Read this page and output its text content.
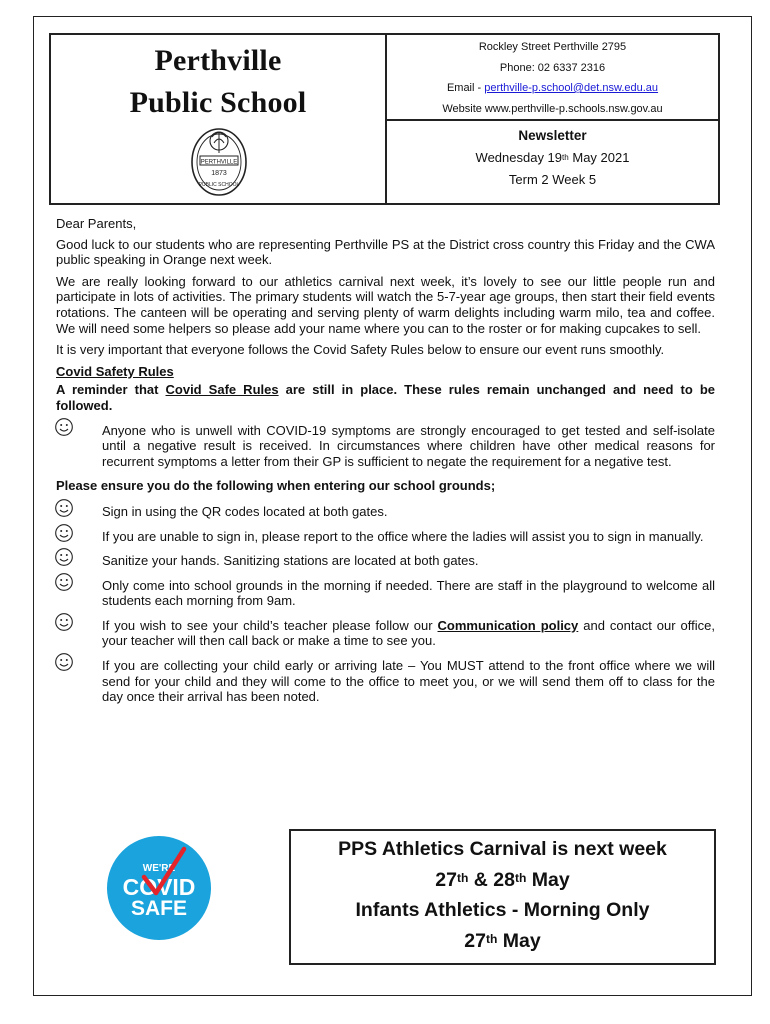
Perthville
Public School
PERTHVILLE
1873
PUBLIC SCHOOL
Rockley Street Perthville 2795
Phone: 02 6337 2316
Email - perthville-p.school@det.nsw.edu.au
Website www.perthville-p.schools.nsw.gov.au
Newsletter
Wednesday 19th May 2021
Term 2 Week 5

Dear Parents,

Good luck to our students who are representing Perthville PS at the District cross country this Friday and the CWA public speaking in Orange next week.

We are really looking forward to our athletics carnival next week, it’s lovely to see our little people run and participate in lots of activities. The primary students will watch the 5-7-year age groups, then start their field events rotations. The canteen will be operating and serving plenty of warm delights including warm milo, tea and coffee. We will need some helpers so please add your name where you can to the roster or for making cupcakes to sell.

It is very important that everyone follows the Covid Safety Rules below to ensure our event runs smoothly.

Covid Safety Rules

A reminder that Covid Safe Rules are still in place. These rules remain unchanged and need to be followed.

Anyone who is unwell with COVID-19 symptoms are strongly encouraged to get tested and self-isolate until a negative result is received. In circumstances where children have other medical reasons for recurrent symptoms a letter from their GP is sufficient to negate the requirement for a negative test.

Please ensure you do the following when entering our school grounds;

Sign in using the QR codes located at both gates.
If you are unable to sign in, please report to the office where the ladies will assist you to sign in manually.
Sanitize your hands. Sanitizing stations are located at both gates.
Only come into school grounds in the morning if needed. There are staff in the playground to welcome all students each morning from 9am.
If you wish to see your child’s teacher please follow our Communication policy and contact our office, your teacher will then call back or make a time to see you.
If you are collecting your child early or arriving late – You MUST attend to the front office where we will send for your child and they will come to the office to meet you, or we will send them off to class for the day once their arrival has been noted.
WE'RE
COVID
SAFE
PPS Athletics Carnival is next week
27th & 28th May
Infants Athletics - Morning Only
27th May
